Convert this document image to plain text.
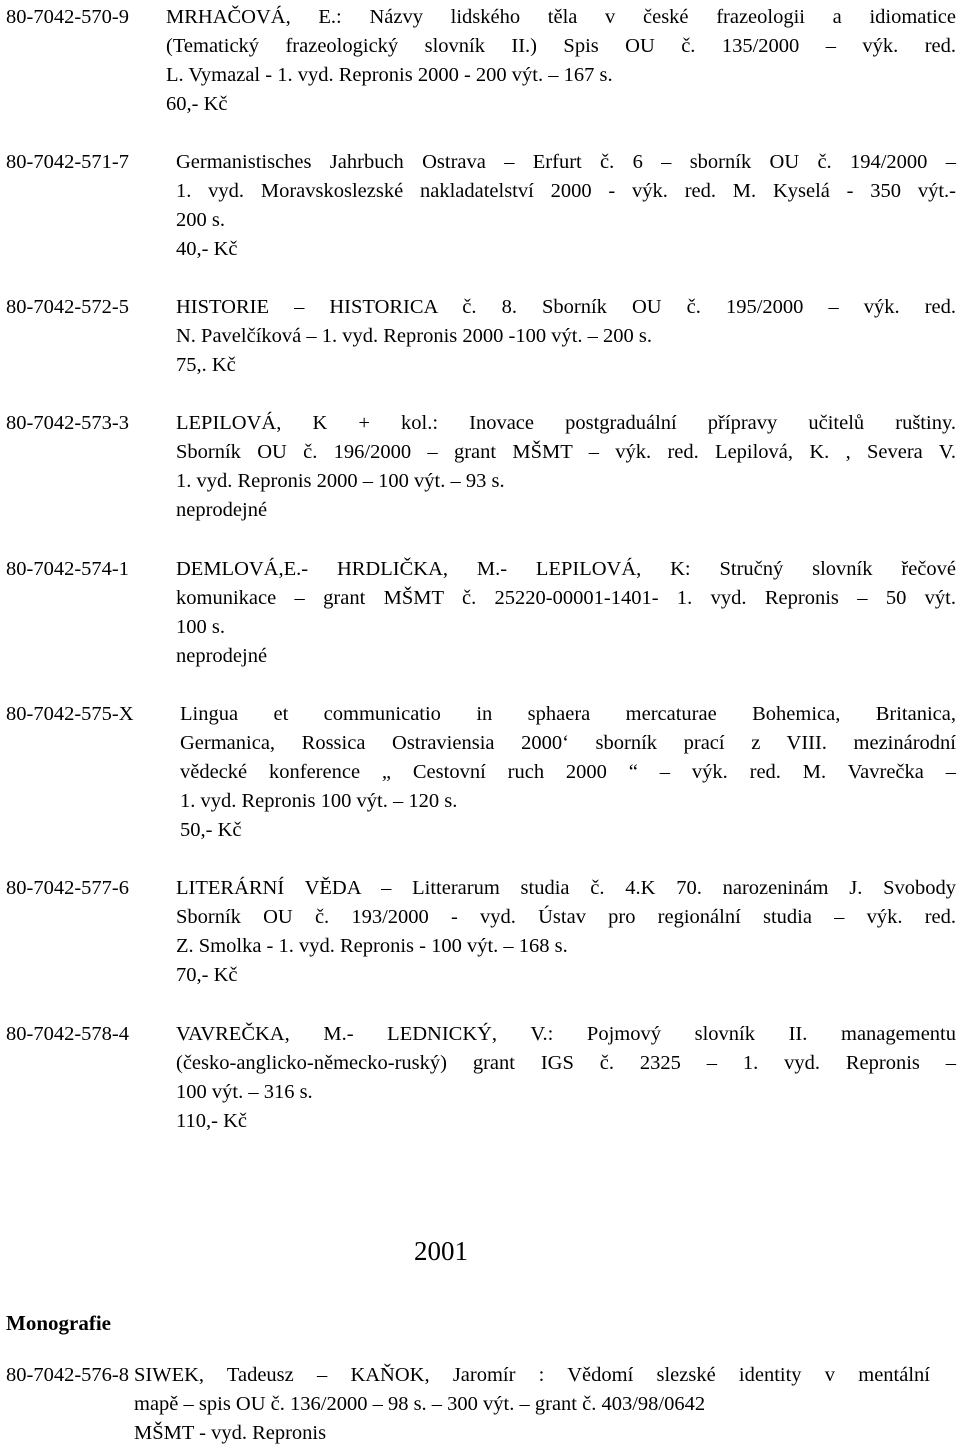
80-7042-570-9 MRHAČOVÁ, E.: Názvy lidského těla v české frazeologii a idiomatice
(Tematický frazeologický slovník II.) Spis OU č. 135/2000 – výk. red.
L. Vymazal - 1. vyd. Repronis 2000 - 200 výt. – 167 s.
60,- Kč
80-7042-571-7 Germanistisches Jahrbuch Ostrava – Erfurt č. 6 – sborník OU č. 194/2000 –
1. vyd. Moravskoslezské nakladatelství 2000 - výk. red. M. Kyselá - 350 výt.-
200 s.
40,- Kč
80-7042-572-5 HISTORIE – HISTORICA č. 8. Sborník OU č. 195/2000 – výk. red.
N. Pavelčíková – 1. vyd. Repronis 2000 -100 výt. – 200 s.
75,. Kč
80-7042-573-3 LEPILOVÁ, K + kol.: Inovace postgraduální přípravy učitelů ruštiny.
Sborník OU č. 196/2000 – grant MŠMT – výk. red. Lepilová, K. , Severa V.
1. vyd. Repronis 2000 – 100 výt. – 93 s.
neprodejné
80-7042-574-1 DEMLOVÁ,E.- HRDLIČKA, M.- LEPILOVÁ, K: Stručný slovník řečové
komunikace – grant MŠMT č. 25220-00001-1401- 1. vyd. Repronis – 50 výt.
100 s.
neprodejné
80-7042-575-X Lingua et communicatio in sphaera mercaturae Bohemica, Britanica,
Germanica, Rossica Ostraviensia 2000‘ sborník prací z VIII. mezinárodní
vědecké konference „ Cestovní ruch 2000 “ – výk. red. M. Vavrečka –
1. vyd. Repronis 100 výt. – 120 s.
50,- Kč
80-7042-577-6 LITERÁRNÍ VĚDA – Litterarum studia č. 4.K 70. narozeninám J. Svobody
Sborník OU č. 193/2000 - vyd. Ústav pro regionální studia – výk. red.
Z. Smolka - 1. vyd. Repronis - 100 výt. – 168 s.
70,- Kč
80-7042-578-4 VAVREČKA, M.- LEDNICKÝ, V.: Pojmový slovník II. managementu
(česko-anglicko-německo-ruský) grant IGS č. 2325 – 1. vyd. Repronis –
100 výt. – 316 s.
110,- Kč
2001
Monografie
80-7042-576-8 SIWEK, Tadeusz – KAŇOK, Jaromír : Vědomí slezské identity v mentální
mapě – spis OU č. 136/2000 – 98 s. – 300 výt. – grant č. 403/98/0642
MŠMT - vyd. Repronis
